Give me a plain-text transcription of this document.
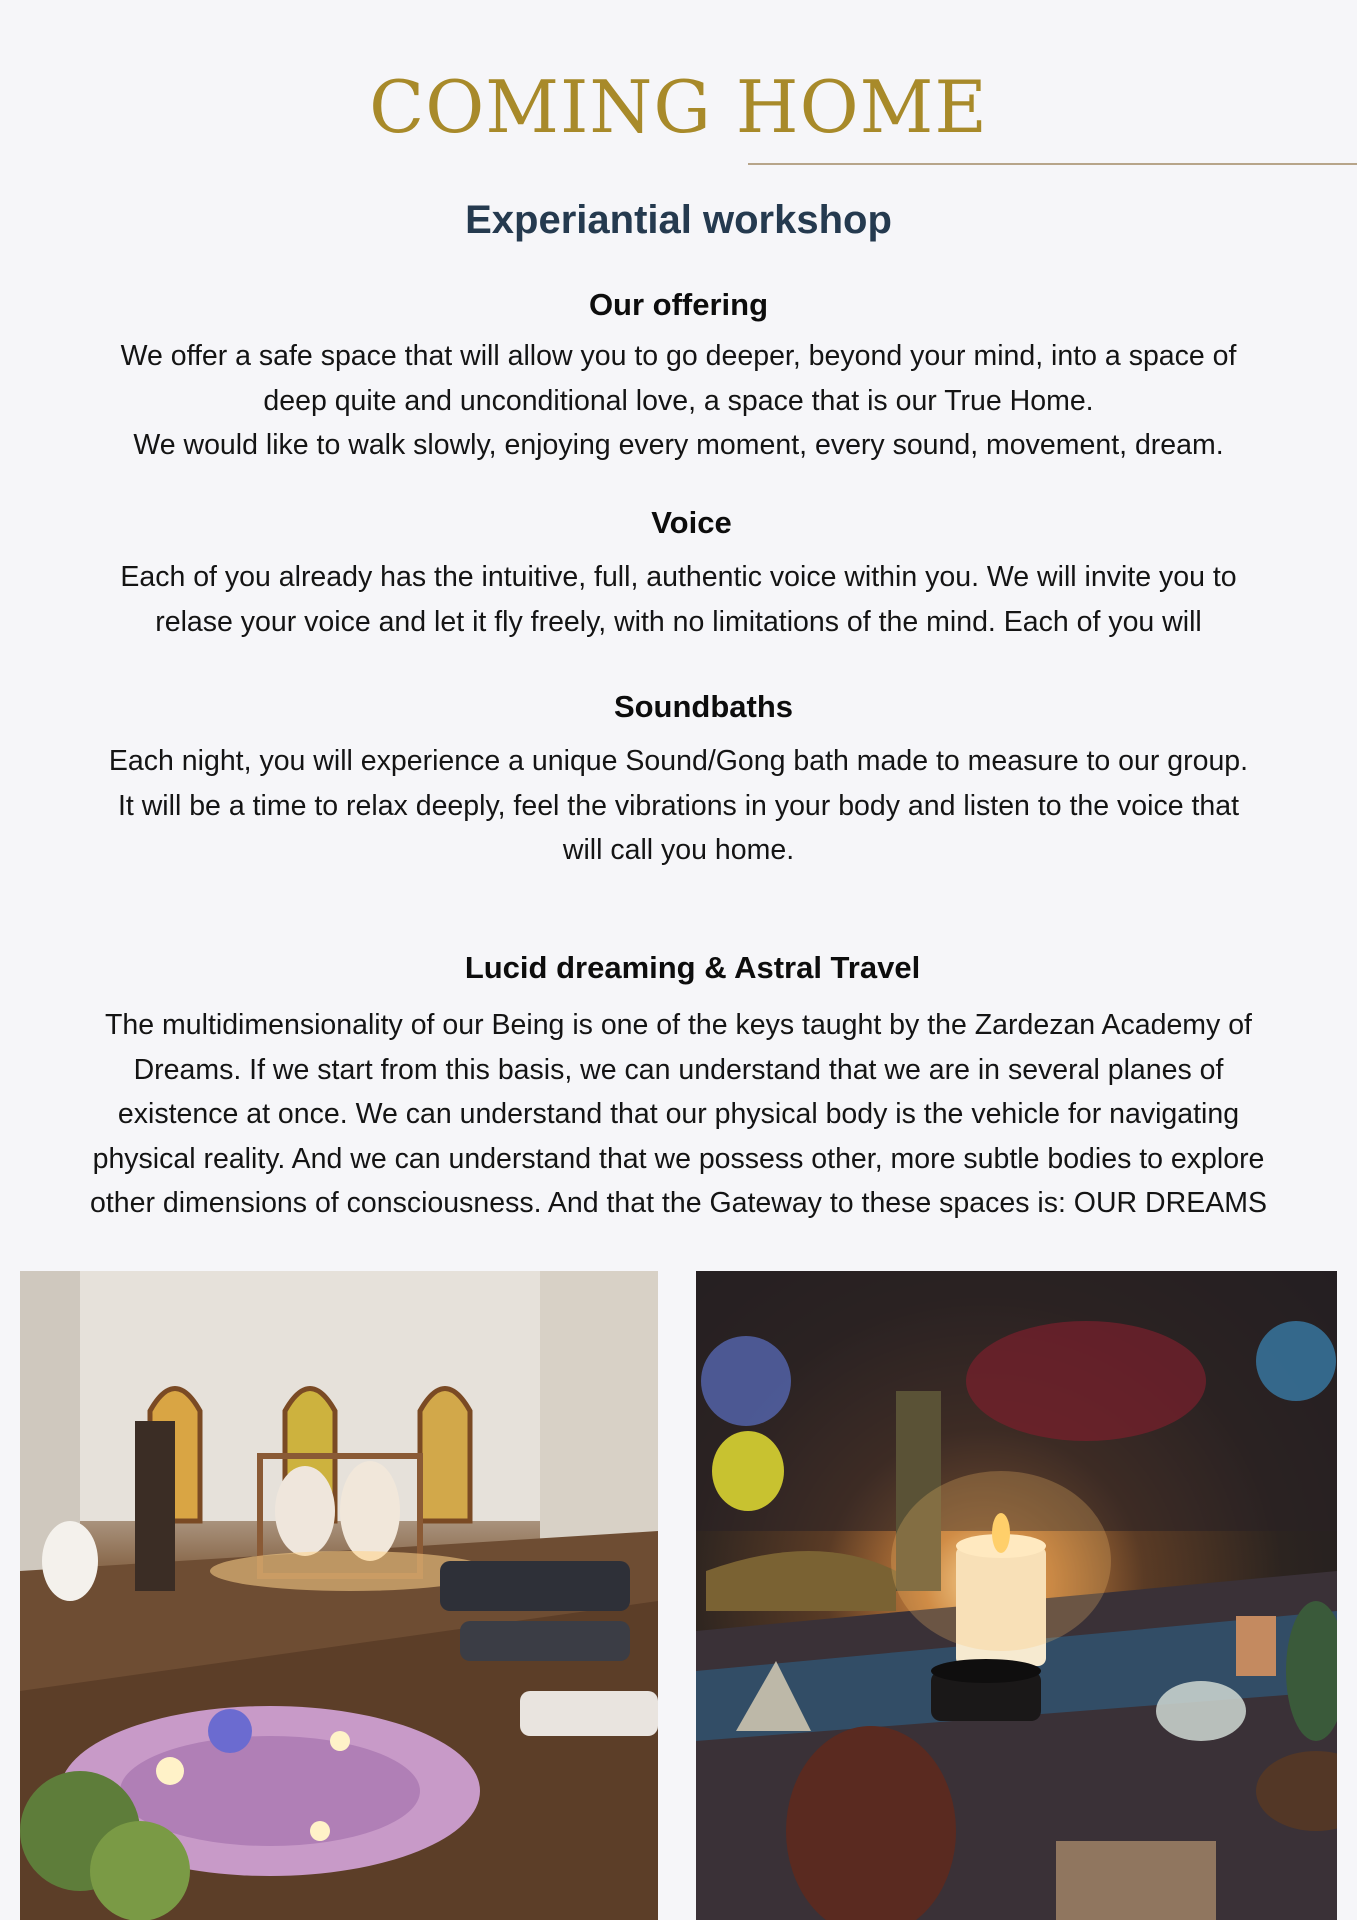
COMING HOME
Experiantial workshop
Our offering

We offer a safe space that will allow you to go deeper, beyond your mind, into a space of
deep quite and unconditional love, a space that is our True Home.
We would like to walk slowly, enjoying every moment, every sound, movement, dream.

Voice

Each of you already has the intuitive, full, authentic voice within you. We will invite you to
relase your voice and let it fly freely, with no limitations of the mind. Each of you will

Soundbaths

Each night, you will experience a unique Sound/Gong bath made to measure to our group.
It will be a time to relax deeply, feel the vibrations in your body and listen to the voice that
will call you home.

Lucid dreaming & Astral Travel

The multidimensionality of our Being is one of the keys taught by the Zardezan Academy of
Dreams. If we start from this basis, we can understand that we are in several planes of
existence at once. We can understand that our physical body is the vehicle for navigating
physical reality. And we can understand that we possess other, more subtle bodies to explore
other dimensions of consciousness. And that the Gateway to these spaces is: OUR DREAMS
